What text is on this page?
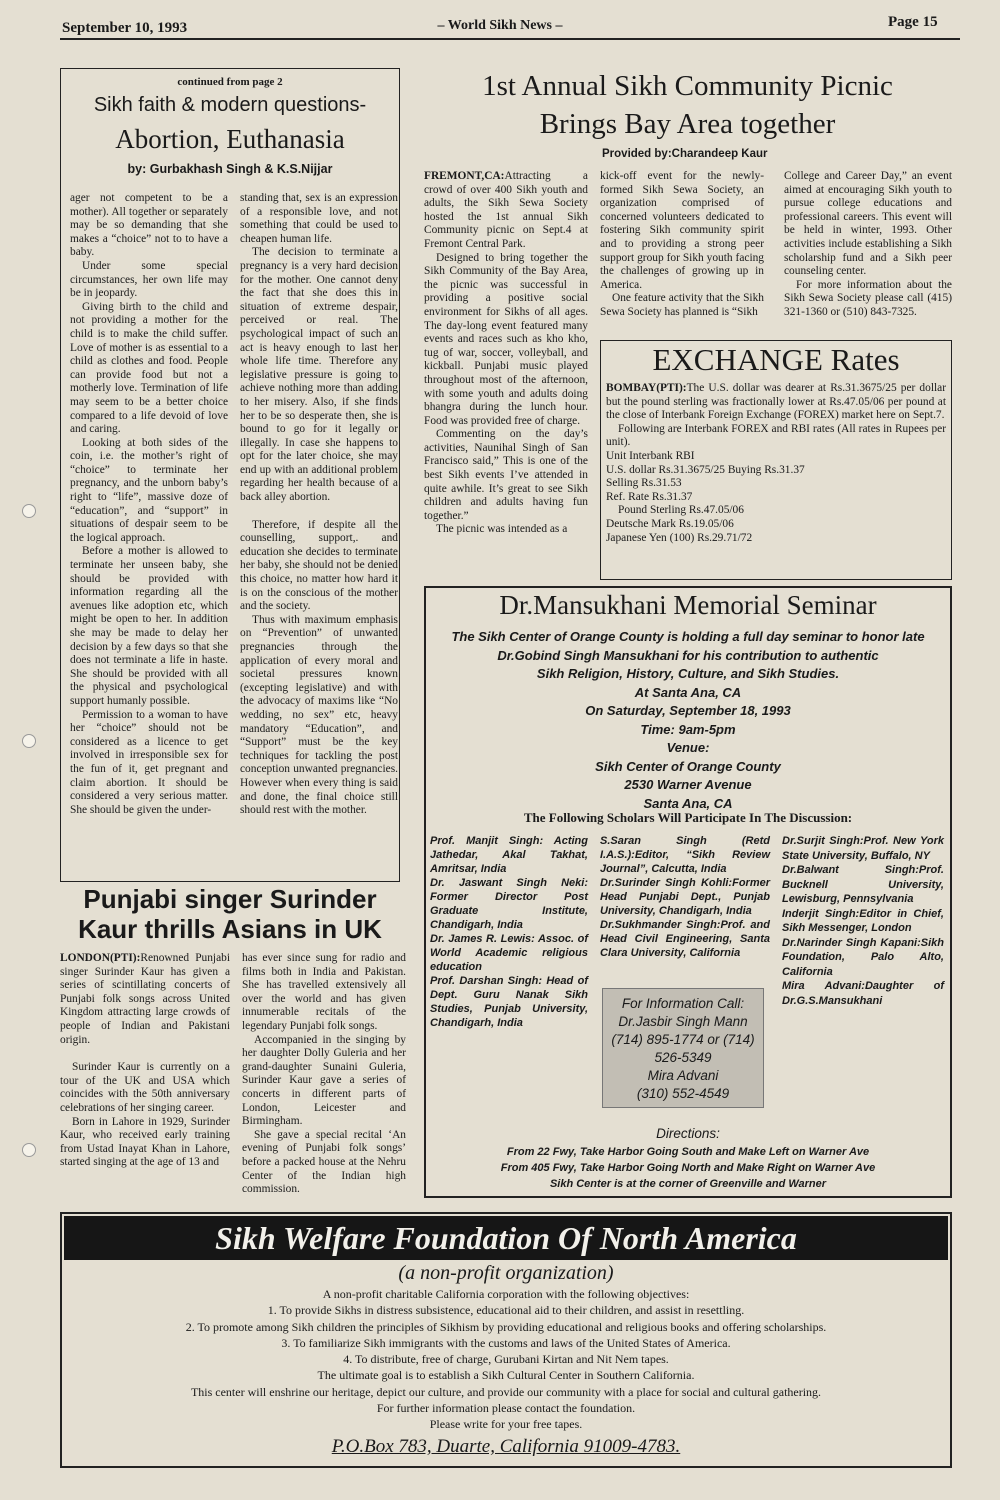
September 10, 1993	– World Sikh News –	Page 15
continued from page 2
Sikh faith & modern questions-
Abortion, Euthanasia
by: Gurbakhash Singh & K.S.Nijjar

ager not competent to be a mother). All together or separately may be so demanding that she makes a “choice” not to to have a baby.

Under some special circumstances, her own life may be in jeopardy.

Giving birth to the child and not providing a mother for the child is to make the child suffer. Love of mother is as essential to a child as clothes and food. People can provide food but not a motherly love. Termination of life may seem to be a better choice compared to a life devoid of love and caring.

Looking at both sides of the coin, i.e. the mother’s right of “choice” to terminate her pregnancy, and the unborn baby’s right to “life”, massive doze of “education”, and “support” in situations of despair seem to be the logical approach.

Before a mother is allowed to terminate her unseen baby, she should be provided with information regarding all the avenues like adoption etc, which might be open to her. In addition she may be made to delay her decision by a few days so that she does not terminate a life in haste. She should be provided with all the physical and psychological support humanly possible.

Permission to a woman to have her “choice” should not be considered as a licence to get involved in irresponsible sex for the fun of it, get pregnant and claim abortion. It should be considered a very serious matter. She should be given the under-

standing that, sex is an expression of a responsible love, and not something that could be used to cheapen human life.

The decision to terminate a pregnancy is a very hard decision for the mother. One cannot deny the fact that she does this in situation of extreme despair, perceived or real. The psychological impact of such an act is heavy enough to last her whole life time. Therefore any legislative pressure is going to achieve nothing more than adding to her misery. Also, if she finds her to be so desperate then, she is bound to go for it legally or illegally. In case she happens to opt for the later choice, she may end up with an additional problem regarding her health because of a back alley abortion.

Therefore, if despite all the counselling, support,. and education she decides to terminate her baby, she should not be denied this choice, no matter how hard it is on the conscious of the mother and the society.

Thus with maximum emphasis on “Prevention” of unwanted pregnancies through the application of every moral and societal pressures known (excepting legislative) and with the advocacy of maxims like “No wedding, no sex” etc, heavy mandatory “Education”, and “Support” must be the key techniques for tackling the post conception unwanted pregnancies. However when every thing is said and done, the final choice still should rest with the mother.

Punjabi singer Surinder
Kaur thrills Asians in UK

LONDON(PTI):Renowned Punjabi singer Surinder Kaur has given a series of scintillating concerts of Punjabi folk songs across United Kingdom attracting large crowds of people of Indian and Pakistani origin.

Surinder Kaur is currently on a tour of the UK and USA which coincides with the 50th anniversary celebrations of her singing career.

Born in Lahore in 1929, Surinder Kaur, who received early training from Ustad Inayat Khan in Lahore, started singing at the age of 13 and

has ever since sung for radio and films both in India and Pakistan. She has travelled extensively all over the world and has given innumerable recitals of the legendary Punjabi folk songs.

Accompanied in the singing by her daughter Dolly Guleria and her grand-daughter Sunaini Guleria, Surinder Kaur gave a series of concerts in different parts of London, Leicester and Birmingham.

She gave a special recital ‘An evening of Punjabi folk songs’ before a packed house at the Nehru Center of the Indian high commission.

1st Annual Sikh Community Picnic
Brings Bay Area together
Provided by:Charandeep Kaur

FREMONT,CA:Attracting a crowd of over 400 Sikh youth and adults, the Sikh Sewa Society hosted the 1st annual Sikh Community picnic on Sept.4 at Fremont Central Park.

Designed to bring together the Sikh Community of the Bay Area, the picnic was successful in providing a positive social environment for Sikhs of all ages. The day-long event featured many events and races such as kho kho, tug of war, soccer, volleyball, and kickball. Punjabi music played throughout most of the afternoon, with some youth and adults doing bhangra during the lunch hour. Food was provided free of charge.

Commenting on the day’s activities, Naunihal Singh of San Francisco said,” This is one of the best Sikh events I’ve attended in quite awhile. It’s great to see Sikh children and adults having fun together.”

The picnic was intended as a

kick-off event for the newly-formed Sikh Sewa Society, an organization comprised of concerned volunteers dedicated to fostering Sikh community spirit and to providing a strong peer support group for Sikh youth facing the challenges of growing up in America.

One feature activity that the Sikh Sewa Society has planned is “Sikh

College and Career Day,” an event aimed at encouraging Sikh youth to pursue college educations and professional careers. This event will be held in winter, 1993. Other activities include establishing a Sikh scholarship fund and a Sikh peer counseling center.

For more information about the Sikh Sewa Society please call (415) 321-1360 or (510) 843-7325.

EXCHANGE Rates

BOMBAY(PTI):The U.S. dollar was dearer at Rs.31.3675/25 per dollar but the pound sterling was fractionally lower at Rs.47.05/06 per pound at the close of Interbank Foreign Exchange (FOREX) market here on Sept.7.

Following are Interbank FOREX and RBI rates (All rates in Rupees per unit).

Unit Interbank RBI
U.S. dollar Rs.31.3675/25 Buying Rs.31.37
Selling Rs.31.53
Ref. Rate Rs.31.37
Pound Sterling Rs.47.05/06
Deutsche Mark Rs.19.05/06
Japanese Yen (100) Rs.29.71/72
Dr.Mansukhani Memorial Seminar
The Sikh Center of Orange County is holding a full day seminar to honor late
Dr.Gobind Singh Mansukhani for his contribution to authentic
Sikh Religion, History, Culture, and Sikh Studies.
At Santa Ana, CA
On Saturday, September 18, 1993
Time: 9am-5pm
Venue:
Sikh Center of Orange County
2530 Warner Avenue
Santa Ana, CA
The Following Scholars Will Participate In The Discussion:
Prof. Manjit Singh: Acting Jathedar, Akal Takhat, Amritsar, India
Dr. Jaswant Singh Neki: Former Director Post Graduate Institute, Chandigarh, India
Dr. James R. Lewis: Assoc. of World Academic religious education
Prof. Darshan Singh: Head of Dept. Guru Nanak Sikh Studies, Punjab University, Chandigarh, India
S.Saran Singh (Retd I.A.S.):Editor, “Sikh Review Journal”, Calcutta, India
Dr.Surinder Singh Kohli:Former Head Punjabi Dept., Punjab University, Chandigarh, India
Dr.Sukhmander Singh:Prof. and Head Civil Engineering, Santa Clara University, California
Dr.Surjit Singh:Prof. New York State University, Buffalo, NY
Dr.Balwant Singh:Prof. Bucknell University, Lewisburg, Pennsylvania
Inderjit Singh:Editor in Chief, Sikh Messenger, London
Dr.Narinder Singh Kapani:Sikh Foundation, Palo Alto, California
Mira Advani:Daughter of Dr.G.S.Mansukhani
For Information Call:
Dr.Jasbir Singh Mann
(714) 895-1774 or (714)
526-5349
Mira Advani
(310) 552-4549
Directions:
From 22 Fwy, Take Harbor Going South and Make Left on Warner Ave
From 405 Fwy, Take Harbor Going North and Make Right on Warner Ave
Sikh Center is at the corner of Greenville and Warner
Sikh Welfare Foundation Of North America
(a non-profit organization)
A non-profit charitable California corporation with the following objectives:
1. To provide Sikhs in distress subsistence, educational aid to their children, and assist in resettling.
2. To promote among Sikh children the principles of Sikhism by providing educational and religious books and offering scholarships.
3. To familiarize Sikh immigrants with the customs and laws of the United States of America.
4. To distribute, free of charge, Gurubani Kirtan and Nit Nem tapes.
The ultimate goal is to establish a Sikh Cultural Center in Southern California.
This center will enshrine our heritage, depict our culture, and provide our community with a place for social and cultural gathering.
For further information please contact the foundation.
Please write for your free tapes.
P.O.Box 783, Duarte, California 91009-4783.
